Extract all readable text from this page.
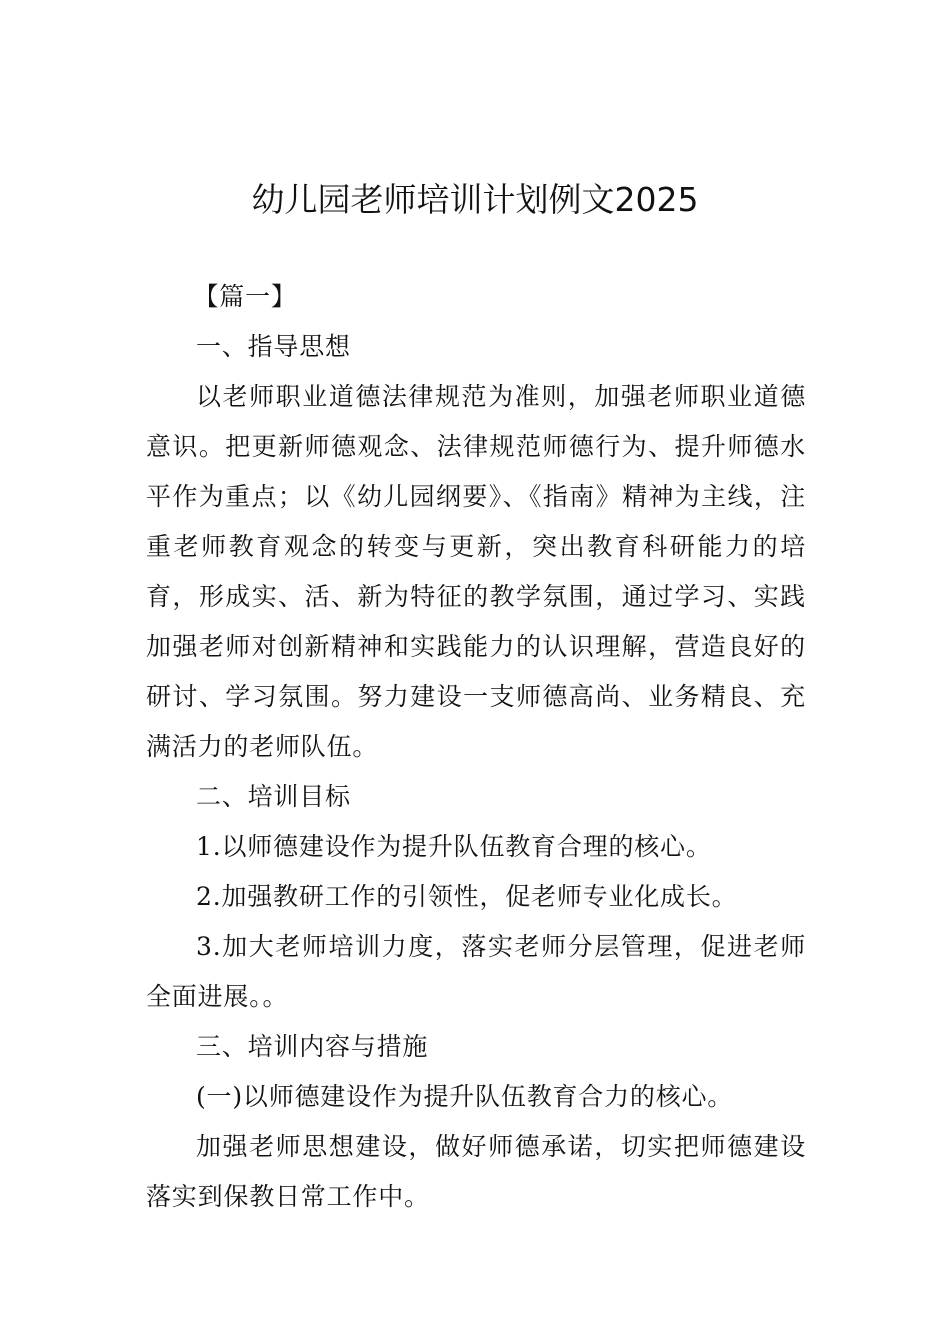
幼儿园老师培训计划例文2025

【篇一】

一、指导思想

以老师职业道德法律规范为准则，加强老师职业道德意识。把更新师德观念、法律规范师德行为、提升师德水平作为重点；以《幼儿园纲要》、《指南》精神为主线，注重老师教育观念的转变与更新，突出教育科研能力的培育，形成实、活、新为特征的教学氛围，通过学习、实践加强老师对创新精神和实践能力的认识理解，营造良好的研讨、学习氛围。努力建设一支师德高尚、业务精良、充满活力的老师队伍。

二、培训目标

1.以师德建设作为提升队伍教育合理的核心。

2.加强教研工作的引领性，促老师专业化成长。

3.加大老师培训力度，落实老师分层管理，促进老师全面进展。。

三、培训内容与措施

(一)以师德建设作为提升队伍教育合力的核心。

加强老师思想建设，做好师德承诺，切实把师德建设落实到保教日常工作中。
